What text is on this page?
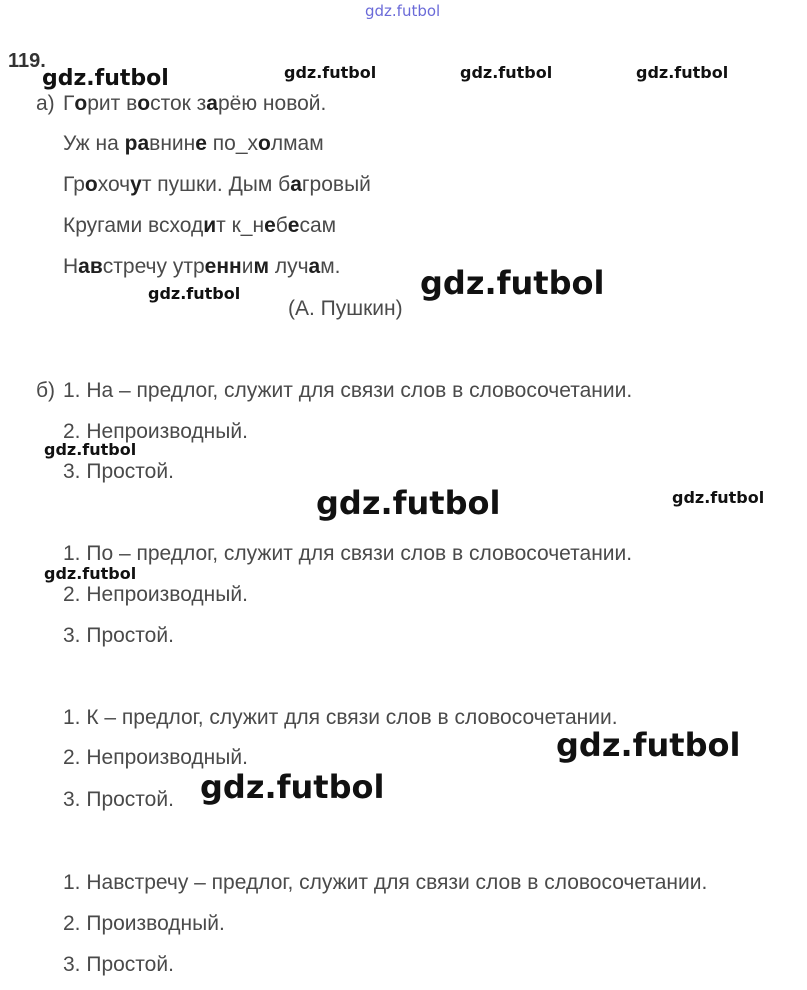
gdz.futbol
gdz.futbol	gdz.futbol	gdz.futbol	gdz.futbol
gdz.futbol	gdz.futbol
gdz.futbol
gdz.futbol	gdz.futbol
gdz.futbol
gdz.futbol
gdz.futbol
119.
а) Горит восток зарёю новой.
Уж на равнине по_холмам
Грохочут пушки. Дым багровый
Кругами всходит к_небесам
Навстречу утренним лучам.
(А. Пушкин)
б) 1. На – предлог, служит для связи слов в словосочетании.
2. Непроизводный.
3. Простой.
1. По – предлог, служит для связи слов в словосочетании.
2. Непроизводный.
3. Простой.
1. К – предлог, служит для связи слов в словосочетании.
2. Непроизводный.
3. Простой.
1. Навстречу – предлог, служит для связи слов в словосочетании.
2. Производный.
3. Простой.
